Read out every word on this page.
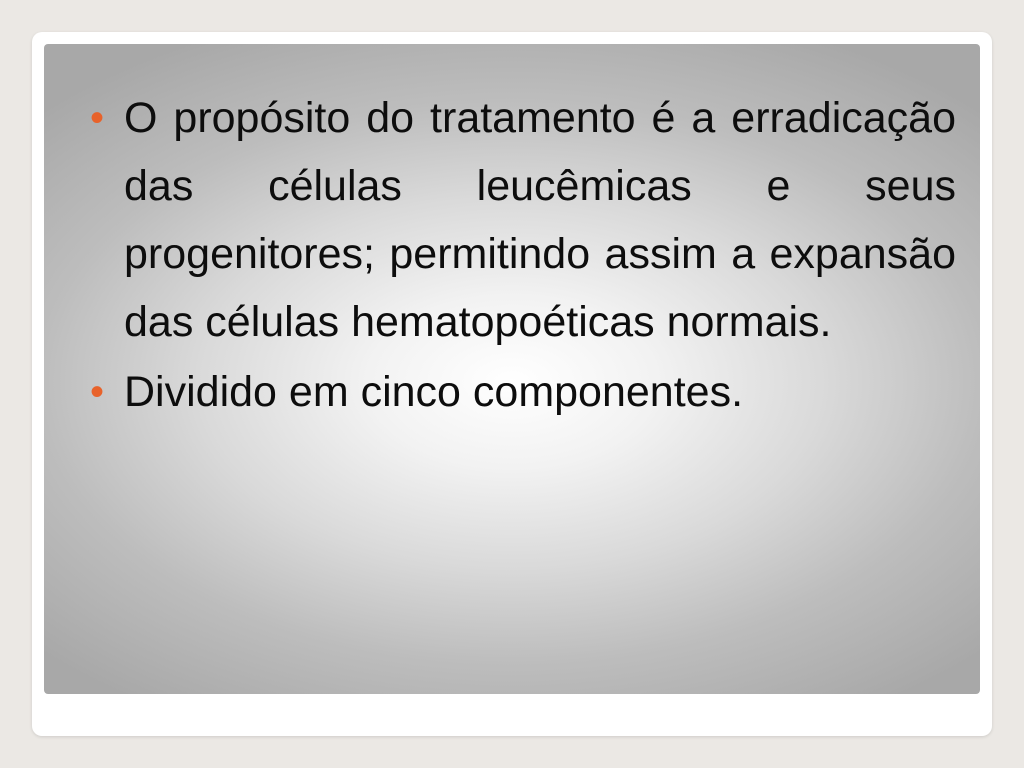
• O propósito do tratamento é a erradicação das células leucêmicas e seus progenitores; permitindo assim a expansão das células hematopoéticas normais.
• Dividido em cinco componentes.
